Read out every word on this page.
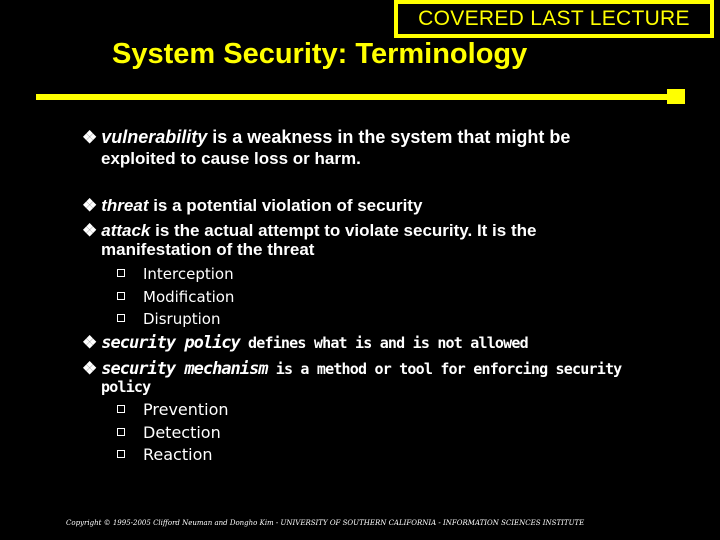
COVERED LAST LECTURE
System Security: Terminology
❖ vulnerability is a weakness in the system that might be
exploited to cause loss or harm.
❖ threat is a potential violation of security
❖ attack is the actual attempt to violate security. It is the
manifestation of the threat
Interception
Modification
Disruption
❖ security policy defines what is and is not allowed
❖ security mechanism is a method or tool for enforcing security
policy
Prevention
Detection
Reaction
Copyright © 1995-2005 Clifford Neuman and Dongho Kim - UNIVERSITY OF SOUTHERN CALIFORNIA - INFORMATION SCIENCES INSTITUTE
